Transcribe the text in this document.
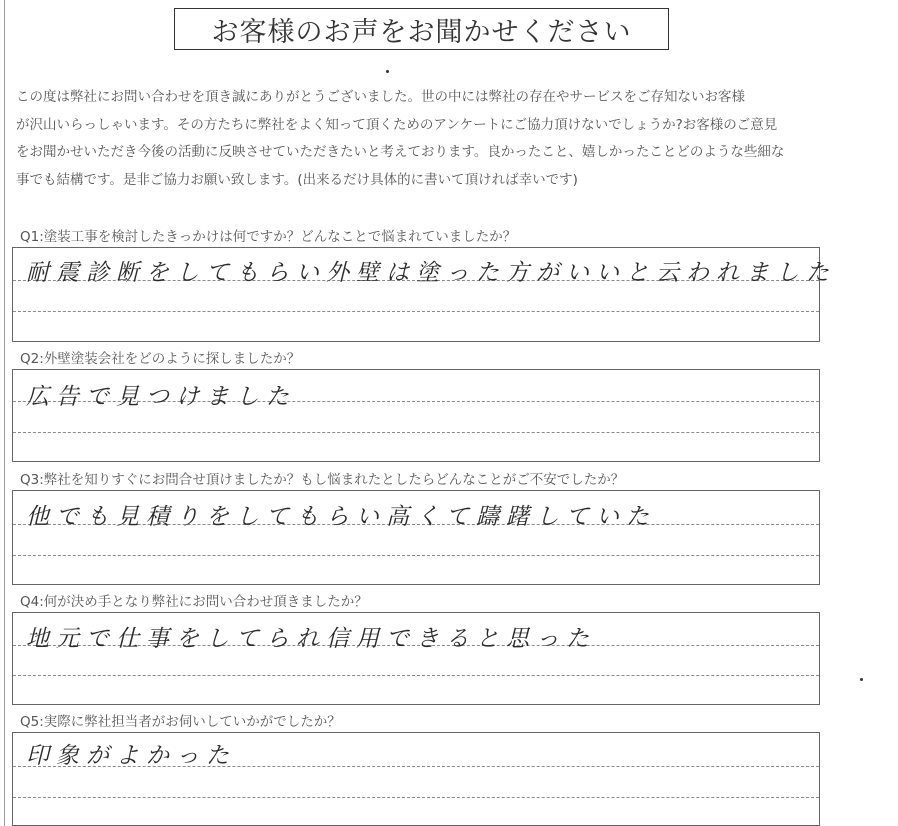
お客様のお声をお聞かせください

この度は弊社にお問い合わせを頂き誠にありがとうございました。世の中には弊社の存在やサービスをご存知ないお客様

が沢山いらっしゃいます。その方たちに弊社をよく知って頂くためのアンケートにご協力頂けないでしょうか?お客様のご意見

をお聞かせいただき今後の活動に反映させていただきたいと考えております。良かったこと、嬉しかったことどのような些細な

事でも結構です。是非ご協力お願い致します。(出来るだけ具体的に書いて頂ければ幸いです)

Q1:塗装工事を検討したきっかけは何ですか？どんなことで悩まれていましたか？
耐震診断をしてもらい外壁は塗った方がいいと云われました
Q2:外壁塗装会社をどのように探しましたか？
広告で見つけました
Q3:弊社を知りすぐにお問合せ頂けましたか？もし悩まれたとしたらどんなことがご不安でしたか？
他でも見積りをしてもらい高くて躊躇していた
Q4:何が決め手となり弊社にお問い合わせ頂きましたか？
地元で仕事をしてられ信用できると思った
Q5:実際に弊社担当者がお伺いしていかがでしたか？
印象がよかった
